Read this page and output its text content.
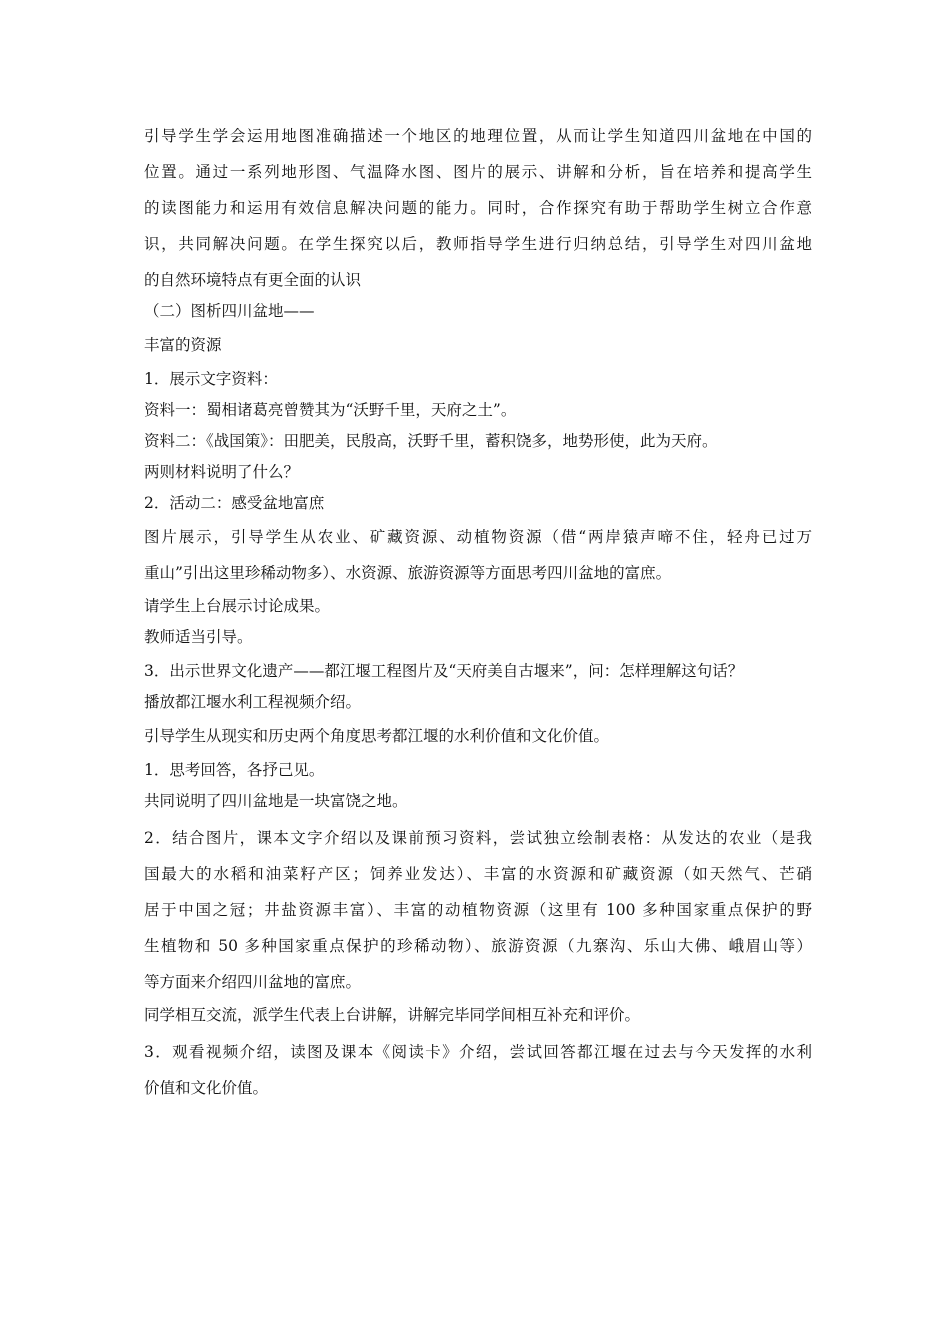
引导学生学会运用地图准确描述一个地区的地理位置，从而让学生知道四川盆地在中国的
位置。通过一系列地形图、气温降水图、图片的展示、讲解和分析，旨在培养和提高学生
的读图能力和运用有效信息解决问题的能力。同时，合作探究有助于帮助学生树立合作意
识，共同解决问题。在学生探究以后，教师指导学生进行归纳总结，引导学生对四川盆地
的自然环境特点有更全面的认识
（二）图析四川盆地——
丰富的资源
1．展示文字资料：
资料一：蜀相诸葛亮曾赞其为“沃野千里，天府之土”。
资料二：《战国策》：田肥美，民殷高，沃野千里，蓄积饶多，地势形使，此为天府。
两则材料说明了什么？
2．活动二：感受盆地富庶
图片展示，引导学生从农业、矿藏资源、动植物资源（借“两岸猿声啼不住，轻舟已过万
重山”引出这里珍稀动物多）、水资源、旅游资源等方面思考四川盆地的富庶。
请学生上台展示讨论成果。
教师适当引导。
3．出示世界文化遗产——都江堰工程图片及“天府美自古堰来”，问：怎样理解这句话？
播放都江堰水利工程视频介绍。
引导学生从现实和历史两个角度思考都江堰的水利价值和文化价值。
1．思考回答，各抒己见。
共同说明了四川盆地是一块富饶之地。
2．结合图片，课本文字介绍以及课前预习资料，尝试独立绘制表格：从发达的农业（是我
国最大的水稻和油菜籽产区；饲养业发达）、丰富的水资源和矿藏资源（如天然气、芒硝
居于中国之冠；井盐资源丰富）、丰富的动植物资源（这里有 100 多种国家重点保护的野
生植物和 50 多种国家重点保护的珍稀动物）、旅游资源（九寨沟、乐山大佛、峨眉山等）
等方面来介绍四川盆地的富庶。
同学相互交流，派学生代表上台讲解，讲解完毕同学间相互补充和评价。
3．观看视频介绍，读图及课本《阅读卡》介绍，尝试回答都江堰在过去与今天发挥的水利
价值和文化价值。
